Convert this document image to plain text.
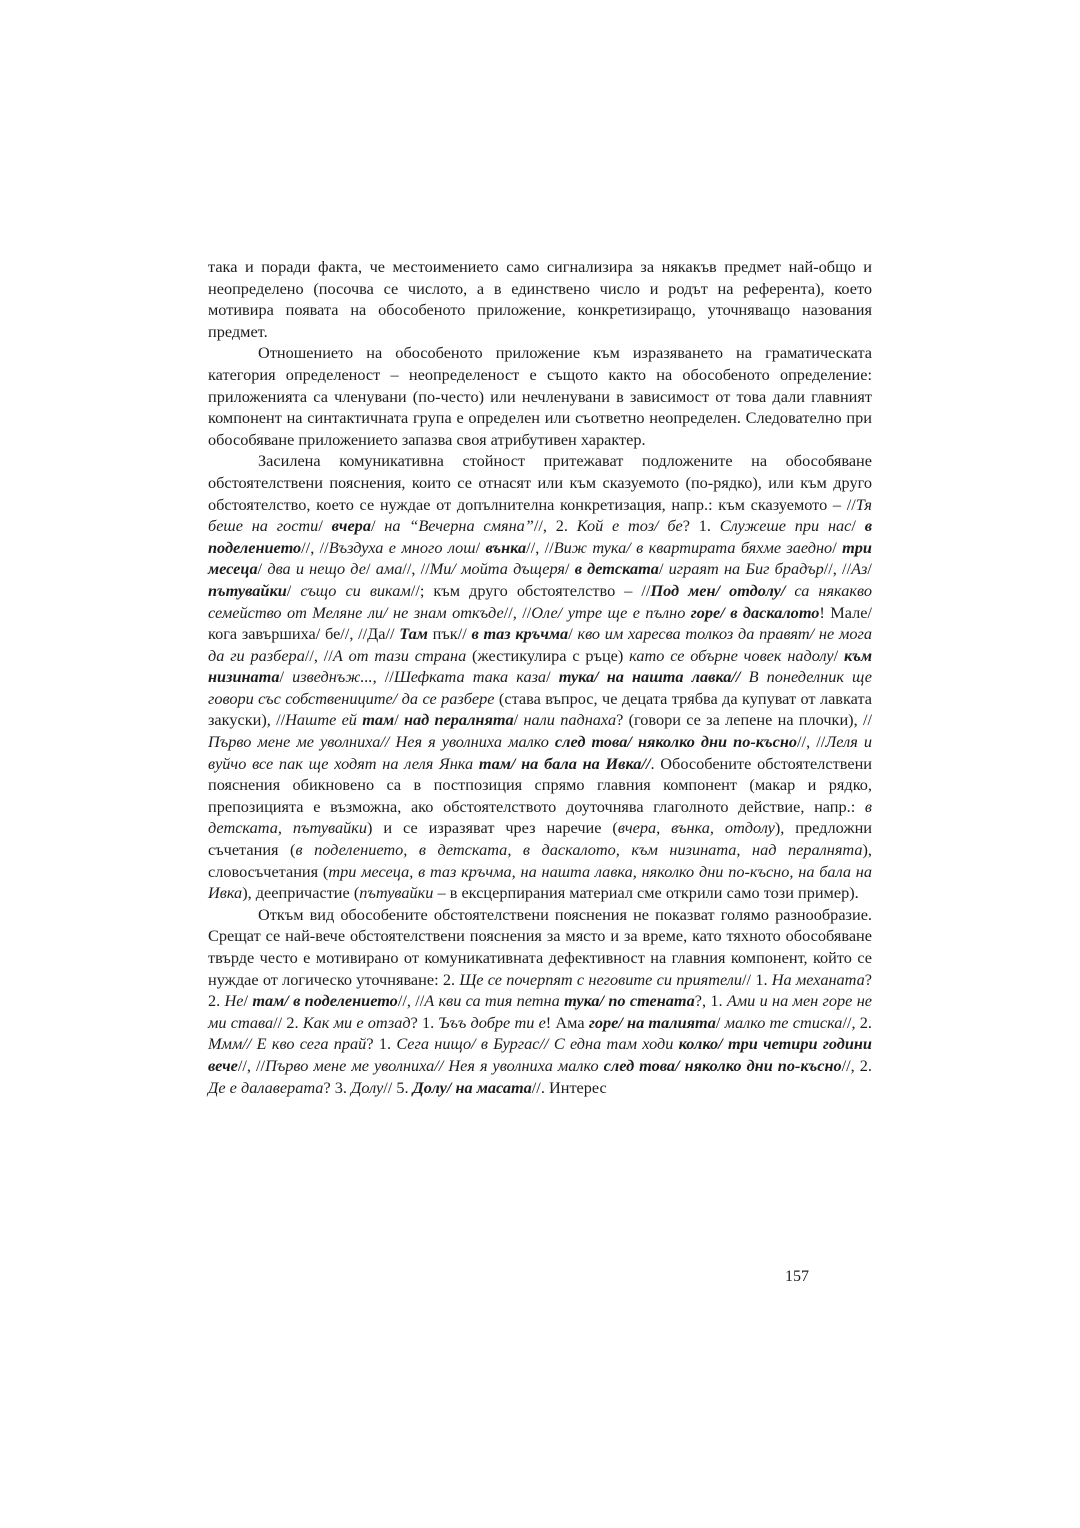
така и поради факта, че местоимението само сигнализира за някакъв предмет най-общо и неопределено (посочва се числото, а в единствено число и родът на референта), което мотивира появата на обособеното приложение, конкретизиращо, уточняващо назования предмет.

Отношението на обособеното приложение към изразяването на граматическата категория определеност – неопределеност е същото както на обособеното определение: приложенията са членувани (по-често) или нечленувани в зависимост от това дали главният компонент на синтактичната група е определен или съответно неопределен. Следователно при обособяване приложението запазва своя атрибутивен характер.

Засилена комуникативна стойност притежават подложените на обособяване обстоятелствени пояснения, които се отнасят или към сказуемото (по-рядко), или към друго обстоятелство, което се нуждае от допълнителна конкретизация, напр.: към сказуемото – //Тя беше на гости/ вчера/ на “Вечерна смяна”//, 2. Кой е тоз/ бе? 1. Служеше при нас/ в поделението//, //Въздуха е много лош/ вънка//, //Виж тука/ в квартирата бяхме заедно/ три месеца/ два и нещо де/ ама//, //Ми/ мойта дъщеря/ в детската/ играят на Биг брадър//, //Аз/ пътувайки/ също си викам//; към друго обстоятелство – //Под мен/ отдолу/ са някакво семейство от Меляне ли/ не знам откъде//, //Оле/ утре ще е пълно горе/ в даскалото! Мале/ кога завършиха/ бе//, //Да// Там пък// в таз кръчма/ кво им харесва толкоз да правят/ не мога да ги разбера//, //А от тази страна (жестикулира с ръце) като се обърне човек надолу/ към низината/ изведнъж..., //Шефката така каза/ тука/ на нашта лавка// В понеделник ще говори със собствениците/ да се разбере (става въпрос, че децата трябва да купуват от лавката закуски), //Наште ей там/ над пералнята/ нали паднаха? (говори се за лепене на плочки), //Първо мене ме уволниха// Нея я уволниха малко след това/ няколко дни по-късно//, //Леля и вуйчо все пак ще ходят на леля Янка там/ на бала на Ивка//. Обособените обстоятелствени пояснения обикновено са в постпозиция спрямо главния компонент (макар и рядко, препозицията е възможна, ако обстоятелството доуточнява глаголното действие, напр.: в детската, пътувайки) и се изразяват чрез наречие (вчера, вънка, отдолу), предложни съчетания (в поделението, в детската, в даскалото, към низината, над пералнята), словосъчетания (три месеца, в таз кръчма, на нашта лавка, няколко дни по-късно, на бала на Ивка), деепричастие (пътувайки – в ексцерпирания материал сме открили само този пример).

Откъм вид обособените обстоятелствени пояснения не показват голямо разнообразие. Срещат се най-вече обстоятелствени пояснения за място и за време, като тяхното обособяване твърде често е мотивирано от комуникативната дефективност на главния компонент, който се нуждае от логическо уточняване: 2. Ще се почерпят с неговите си приятели// 1. На механата? 2. Не/ там/ в поделението//, //А кви са тия петна тука/ по стената?, 1. Ами и на мен горе не ми става// 2. Как ми е отзад? 1. Ъъъ добре ти е! Ама горе/ на талията/ малко те стиска//, 2. Ммм// Е кво сега прай? 1. Сега нищо/ в Бургас// С една там ходи колко/ три четири години вече//, //Първо мене ме уволниха// Нея я уволниха малко след това/ няколко дни по-късно//, 2. Де е далаверата? 3. Долу// 5. Долу/ на масата//. Интерес

157
